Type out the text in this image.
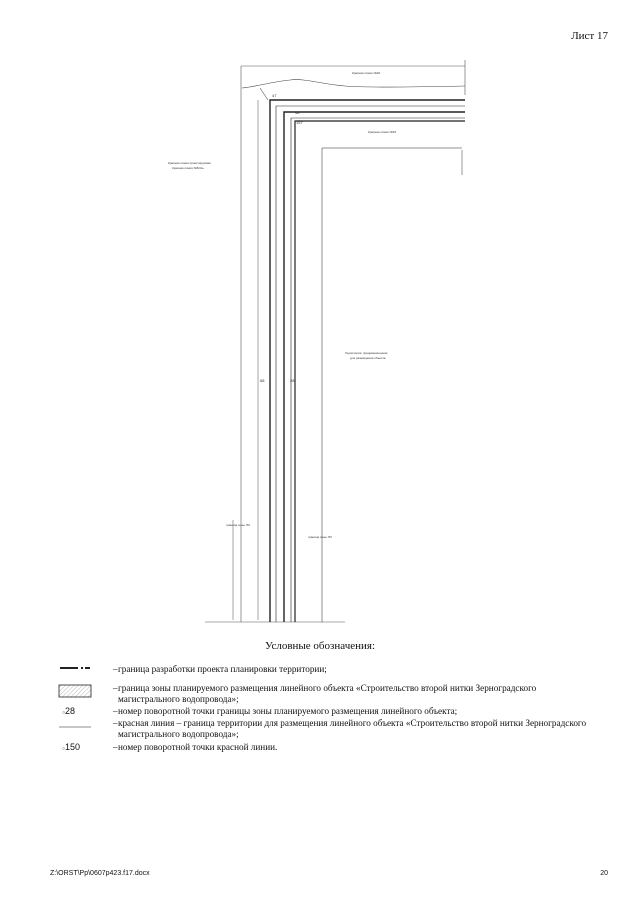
Лист 17
Красная линия №20
Красная линия №15
Красная линия проектируемая
Красная линия №6Ось
Территория, предназначенная
для размещения объекта
граница зоны ЛО
граница зоны ЛО
47
48
157
68	28
Условные обозначения:
○28
○150
–
–
–
–
–
граница разработки проекта планировки территории;
граница зоны планируемого размещения линейного объекта «Строительство второй нитки Зерноградского магистрального водопровода»;
номер поворотной точки границы зоны планируемого размещения линейного объекта;
красная линия – граница территории для размещения линейного объекта «Строительство второй нитки Зерноградского магистрального водопровода»;
номер поворотной точки красной линии.
Z:\ORST\Pp\0607p423.f17.docx	20
